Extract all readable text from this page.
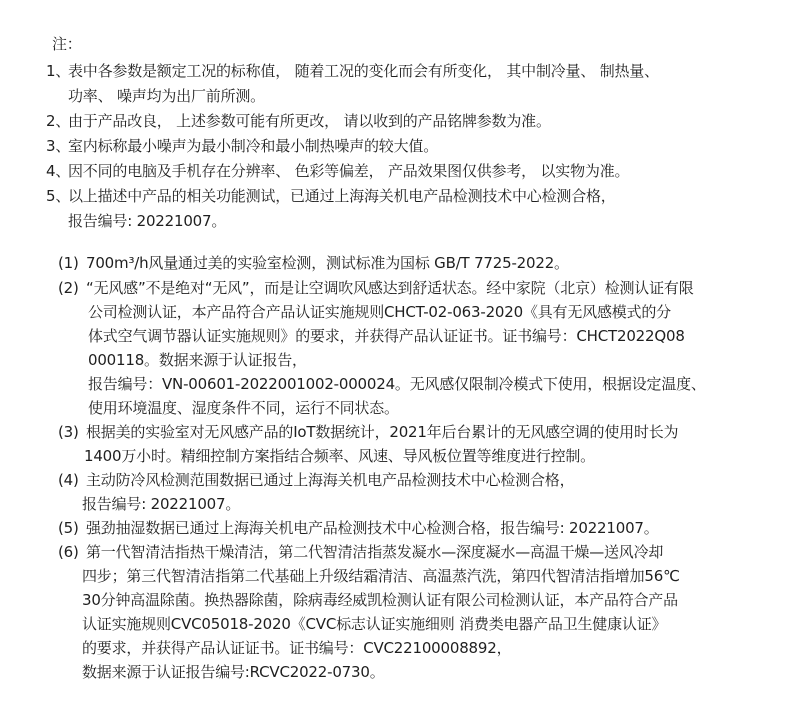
注：
1、
表中各参数是额定工况的标称值， 随着工况的变化而会有所变化， 其中制冷量、 制热量、
功率、 噪声均为出厂前所测。
2、
由于产品改良， 上述参数可能有所更改， 请以收到的产品铭牌参数为准。
3、
室内标称最小噪声为最小制冷和最小制热噪声的较大值。
4、
因不同的电脑及手机存在分辨率、 色彩等偏差， 产品效果图仅供参考， 以实物为准。
5、
以上描述中产品的相关功能测试，已通过上海海关机电产品检测技术中心检测合格，
报告编号: 20221007。
(1) 700m³/h风量通过美的实验室检测，测试标准为国标 GB/T 7725-2022。
(2) “无风感”不是绝对“无风”，而是让空调吹风感达到舒适状态。经中家院（北京）检测认证有限
公司检测认证，本产品符合产品认证实施规则CHCT-02-063-2020《具有无风感模式的分
体式空气调节器认证实施规则》的要求，并获得产品认证证书。证书编号：CHCT2022Q08
000118。数据来源于认证报告，
报告编号：VN-00601-2022001002-000024。无风感仅限制冷模式下使用，根据设定温度、
使用环境温度、湿度条件不同，运行不同状态。
(3) 根据美的实验室对无风感产品的IoT数据统计，2021年后台累计的无风感空调的使用时长为
1400万小时。精细控制方案指结合频率、风速、导风板位置等维度进行控制。
(4) 主动防冷风检测范围数据已通过上海海关机电产品检测技术中心检测合格，
报告编号: 20221007。
(5) 强劲抽湿数据已通过上海海关机电产品检测技术中心检测合格，报告编号: 20221007。
(6) 第一代智清洁指热干燥清洁，第二代智清洁指蒸发凝水—深度凝水—高温干燥—送风冷却
四步；第三代智清洁指第二代基础上升级结霜清洁、高温蒸汽洗，第四代智清洁指增加56℃
30分钟高温除菌。换热器除菌，除病毒经威凯检测认证有限公司检测认证，本产品符合产品
认证实施规则CVC05018-2020《CVC标志认证实施细则 消费类电器产品卫生健康认证》
的要求，并获得产品认证证书。证书编号：CVC22100008892，
数据来源于认证报告编号:RCVC2022-0730。
